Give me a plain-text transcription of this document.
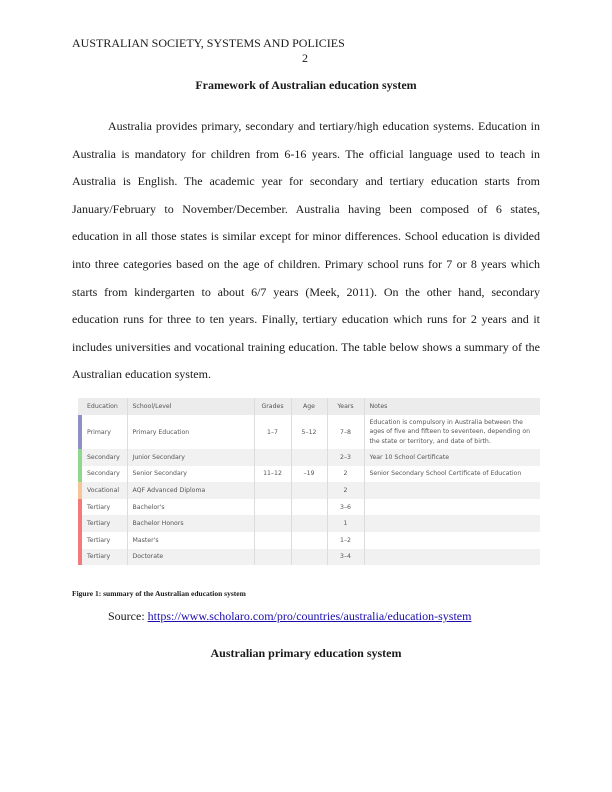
AUSTRALIAN SOCIETY, SYSTEMS AND POLICIES
2
Framework of Australian education system

Australia provides primary, secondary and tertiary/high education systems. Education in Australia is mandatory for children from 6-16 years. The official language used to teach in Australia is English. The academic year for secondary and tertiary education starts from January/February to November/December. Australia having been composed of 6 states, education in all those states is similar except for minor differences. School education is divided into three categories based on the age of children. Primary school runs for 7 or 8 years which starts from kindergarten to about 6/7 years (Meek, 2011). On the other hand, secondary education runs for three to ten years. Finally, tertiary education which runs for 2 years and it includes universities and vocational training education. The table below shows a summary of the Australian education system.

	Education	School/Level	Grades	Age	Years	Notes
	Primary	Primary Education	1–7	5–12	7–8	Education is compulsory in Australia between the ages of five and fifteen to seventeen, depending on the state or territory, and date of birth.
	Secondary	Junior Secondary			2–3	Year 10 School Certificate
	Secondary	Senior Secondary	11–12	–19	2	Senior Secondary School Certificate of Education
	Vocational	AQF Advanced Diploma			2	
	Tertiary	Bachelor's			3–6	
	Tertiary	Bachelor Honors			1	
	Tertiary	Master's			1–2	
	Tertiary	Doctorate			3–4	
Figure 1: summary of the Australian education system
Source: https://www.scholaro.com/pro/countries/australia/education-system
Australian primary education system
